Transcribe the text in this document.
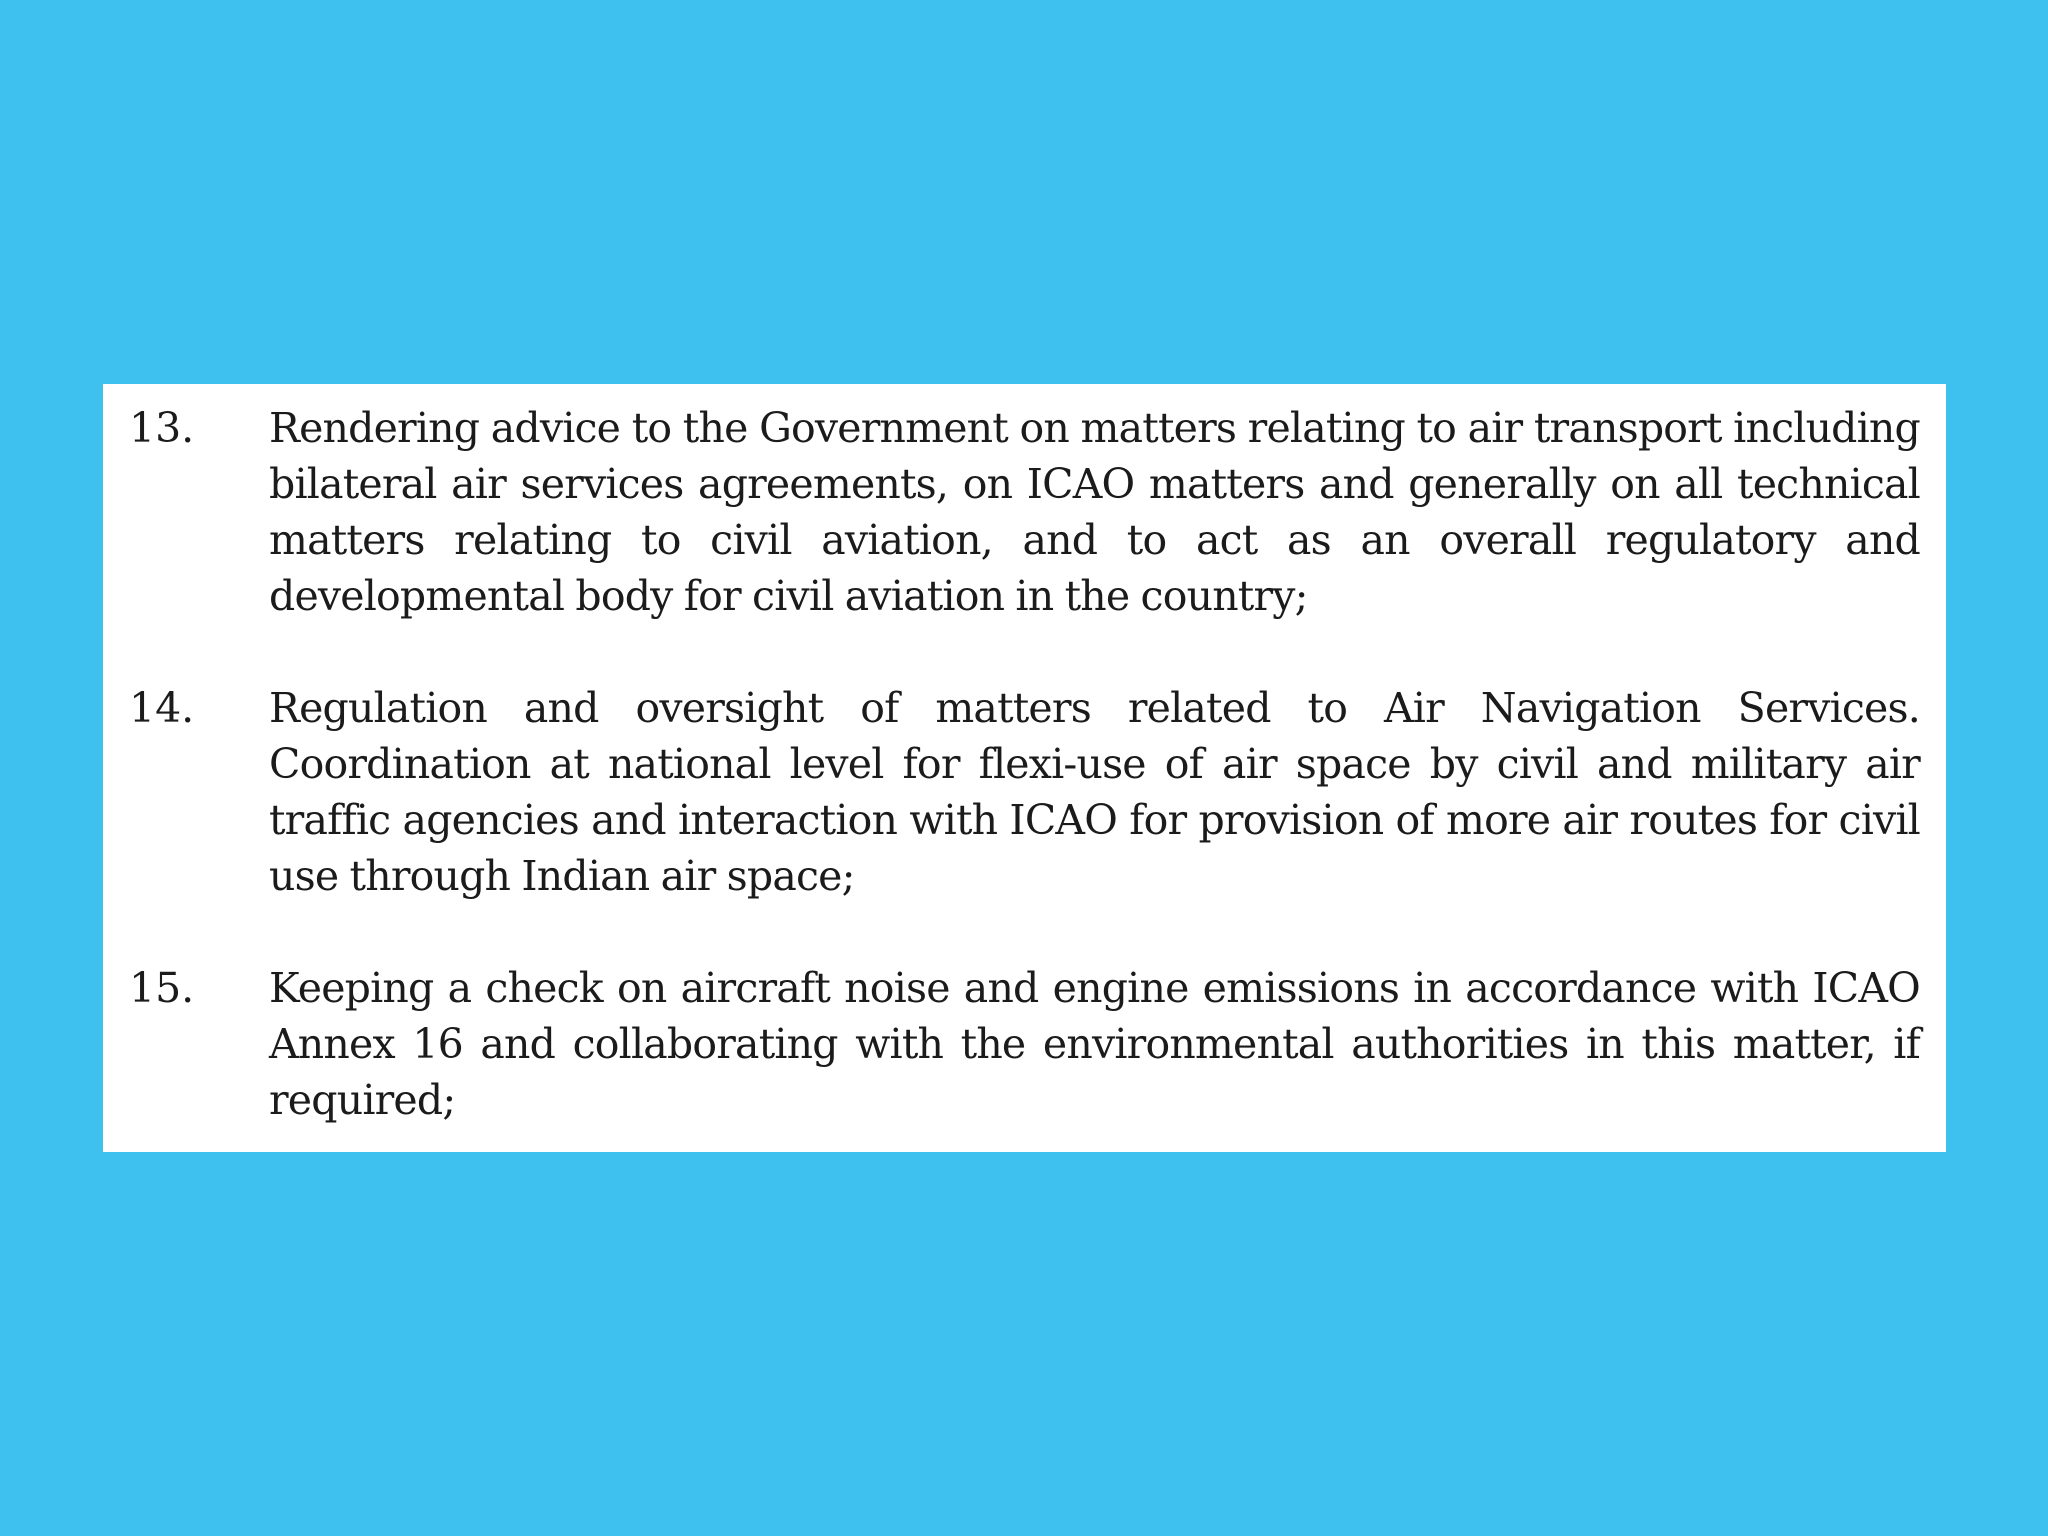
13.	Rendering advice to the Government on matters relating to air transport including bilateral air services agreements, on ICAO matters and generally on all technical matters relating to civil aviation, and to act as an overall regulatory and developmental body for civil aviation in the country;
14.	Regulation and oversight of matters related to Air Navigation Services. Coordination at national level for flexi-use of air space by civil and military air traffic agencies and interaction with ICAO for provision of more air routes for civil use through Indian air space;
15.	Keeping a check on aircraft noise and engine emissions in accordance with ICAO Annex 16 and collaborating with the environmental authorities in this matter, if required;
